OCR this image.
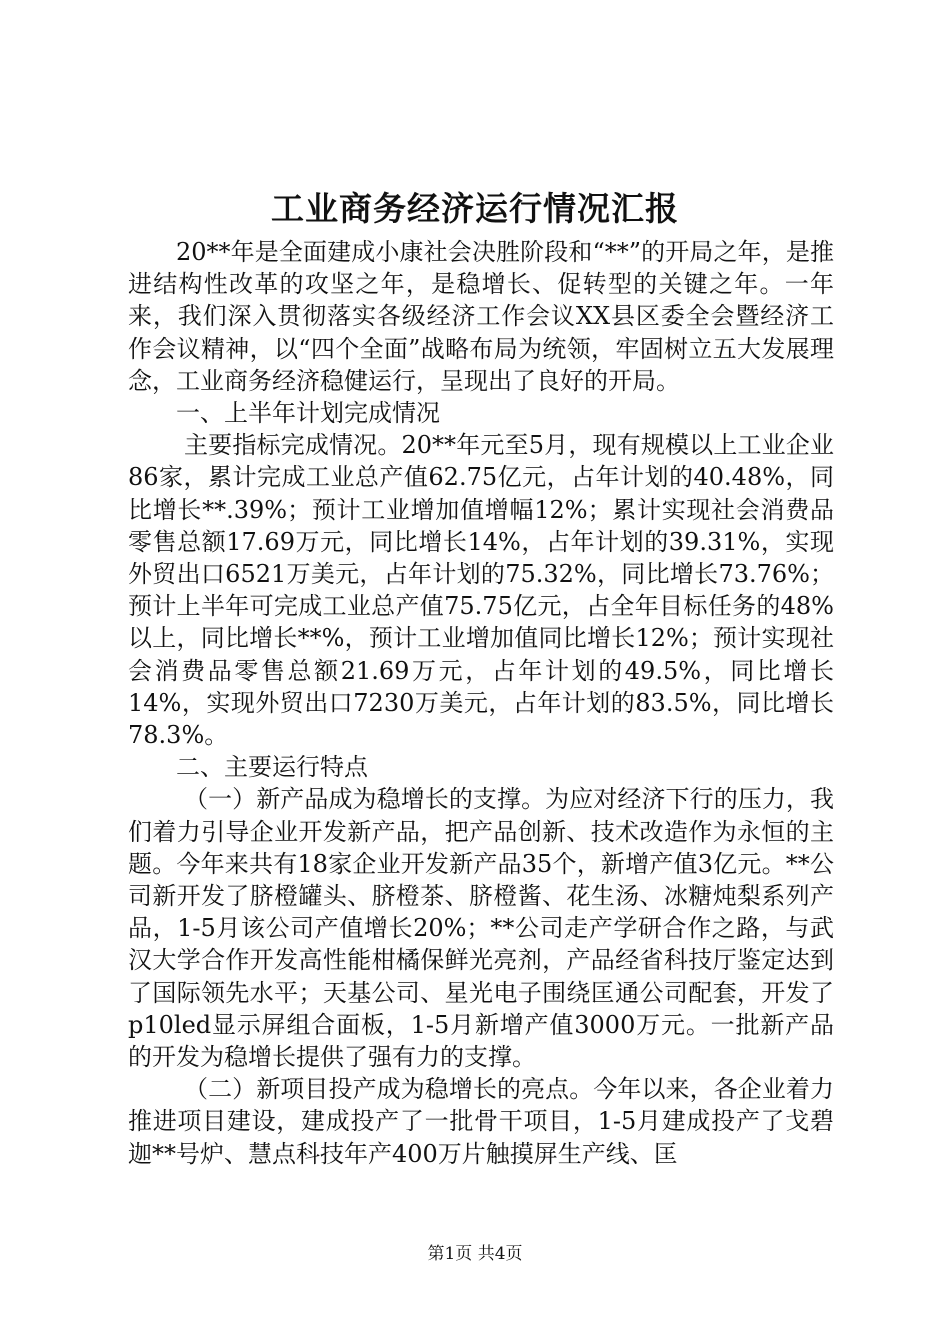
工业商务经济运行情况汇报

20**年是全面建成小康社会决胜阶段和“**”的开局之年，是推进结构性改革的攻坚之年，是稳增长、促转型的关键之年。一年来，我们深入贯彻落实各级经济工作会议XX县区委全会暨经济工作会议精神，以“四个全面”战略布局为统领，牢固树立五大发展理念，工业商务经济稳健运行，呈现出了良好的开局。

一、上半年计划完成情况

主要指标完成情况。20**年元至5月，现有规模以上工业企业86家，累计完成工业总产值62.75亿元，占年计划的40.48%，同比增长**.39%；预计工业增加值增幅12%；累计实现社会消费品零售总额17.69万元，同比增长14%，占年计划的39.31%，实现外贸出口6521万美元，占年计划的75.32%，同比增长73.76%；预计上半年可完成工业总产值75.75亿元，占全年目标任务的48%以上，同比增长**%，预计工业增加值同比增长12%；预计实现社会消费品零售总额21.69万元，占年计划的49.5%，同比增长14%，实现外贸出口7230万美元，占年计划的83.5%，同比增长78.3%。

二、主要运行特点

（一）新产品成为稳增长的支撑。为应对经济下行的压力，我们着力引导企业开发新产品，把产品创新、技术改造作为永恒的主题。今年来共有18家企业开发新产品35个，新增产值3亿元。**公司新开发了脐橙罐头、脐橙茶、脐橙酱、花生汤、冰糖炖梨系列产品，1-5月该公司产值增长20%；**公司走产学研合作之路，与武汉大学合作开发高性能柑橘保鲜光亮剂，产品经省科技厅鉴定达到了国际领先水平；天基公司、星光电子围绕匡通公司配套，开发了p10led显示屏组合面板，1-5月新增产值3000万元。一批新产品的开发为稳增长提供了强有力的支撑。

（二）新项目投产成为稳增长的亮点。今年以来，各企业着力推进项目建设，建成投产了一批骨干项目，1-5月建成投产了戈碧迦**号炉、慧点科技年产400万片触摸屏生产线、匡

第1页 共4页
